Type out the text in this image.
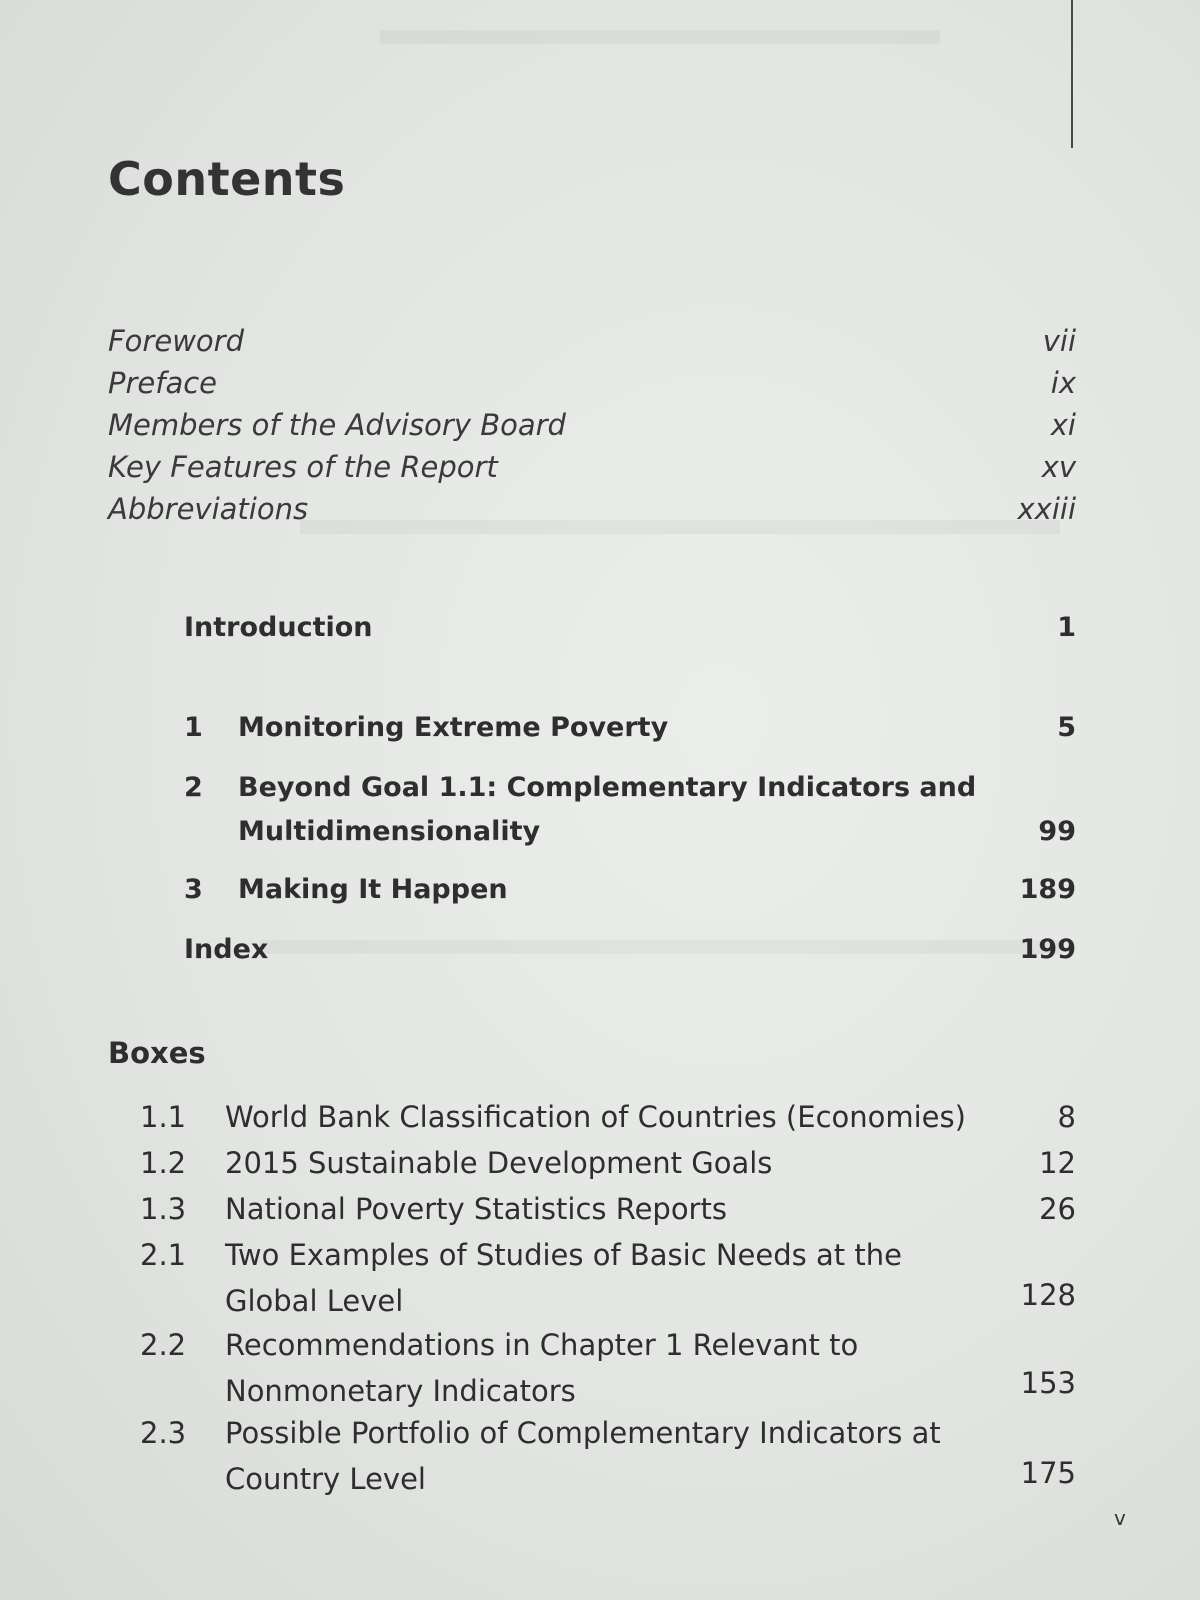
Contents
Foreword	vii
Preface	ix
Members of the Advisory Board	xi
Key Features of the Report	xv
Abbreviations	xxiii
Introduction	1
1 Monitoring Extreme Poverty	5
2 Beyond Goal 1.1: Complementary Indicators and
Multidimensionality	99
3 Making It Happen	189
Index	199
Boxes
1.1 World Bank Classification of Countries (Economies)	8
1.2 2015 Sustainable Development Goals	12
1.3 National Poverty Statistics Reports	26
2.1 Two Examples of Studies of Basic Needs at the
Global Level	128
2.2 Recommendations in Chapter 1 Relevant to
Nonmonetary Indicators	153
2.3 Possible Portfolio of Complementary Indicators at
Country Level	175
v
